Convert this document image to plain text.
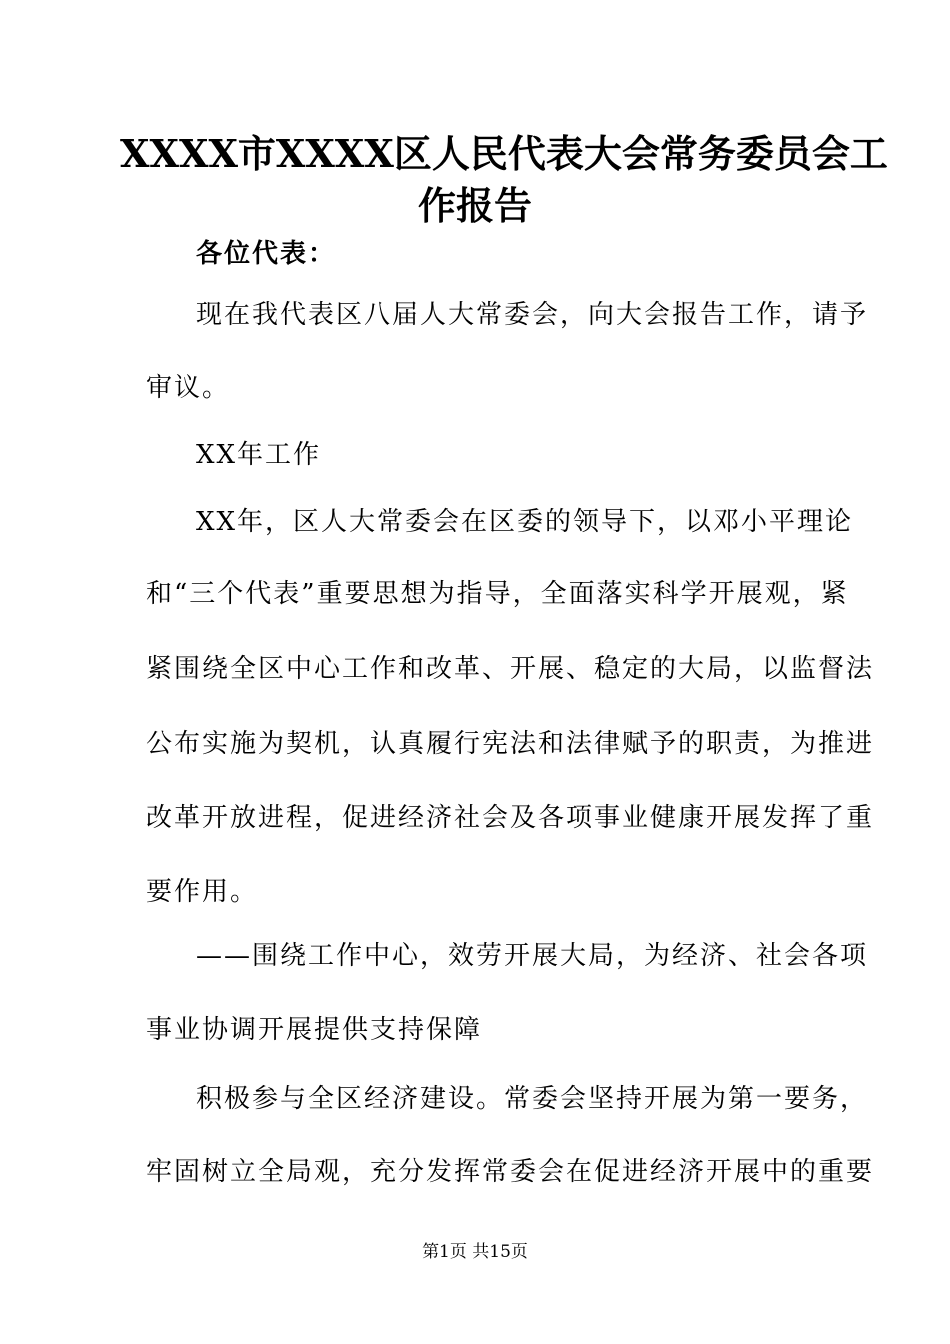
XXXX市XXXX区人民代表大会常务委员会工
作报告

各位代表：

现在我代表区八届人大常委会，向大会报告工作，请予

审议。

XX年工作

XX年，区人大常委会在区委的领导下，以邓小平理论

和“三个代表”重要思想为指导，全面落实科学开展观，紧

紧围绕全区中心工作和改革、开展、稳定的大局，以监督法

公布实施为契机，认真履行宪法和法律赋予的职责，为推进

改革开放进程，促进经济社会及各项事业健康开展发挥了重

要作用。

——围绕工作中心，效劳开展大局，为经济、社会各项

事业协调开展提供支持保障

积极参与全区经济建设。常委会坚持开展为第一要务，

牢固树立全局观，充分发挥常委会在促进经济开展中的重要

第1页 共15页
